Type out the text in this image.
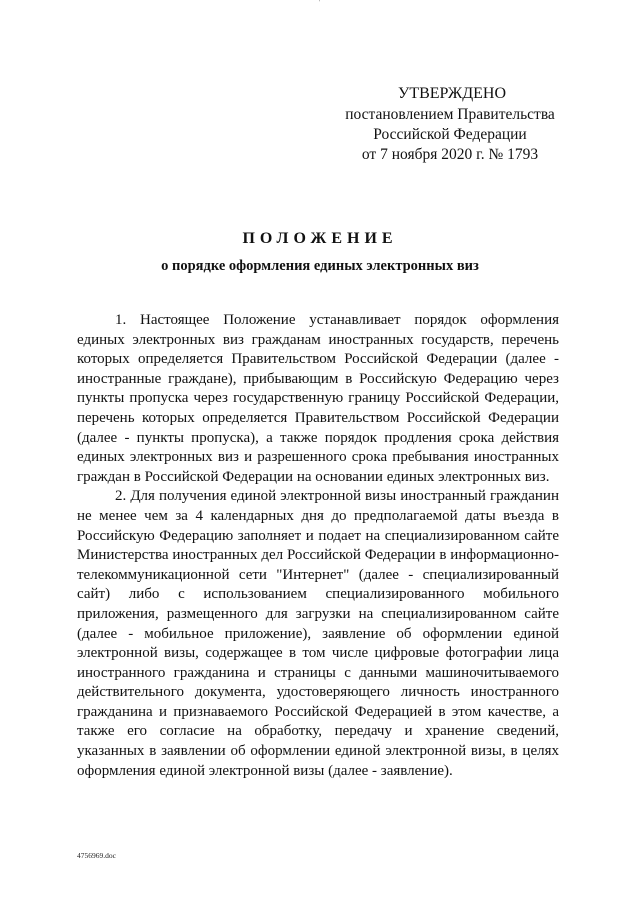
'
УТВЕРЖДЕНО
постановлением Правительства
Российской Федерации
от 7 ноября 2020 г. № 1793
ПОЛОЖЕНИЕ
о порядке оформления единых электронных виз

1. Настоящее Положение устанавливает порядок оформления единых электронных виз гражданам иностранных государств, перечень которых определяется Правительством Российской Федерации (далее - иностранные граждане), прибывающим в Российскую Федерацию через пункты пропуска через государственную границу Российской Федерации, перечень которых определяется Правительством Российской Федерации (далее - пункты пропуска), а также порядок продления срока действия единых электронных виз и разрешенного срока пребывания иностранных граждан в Российской Федерации на основании единых электронных виз.

2. Для получения единой электронной визы иностранный гражданин не менее чем за 4 календарных дня до предполагаемой даты въезда в Российскую Федерацию заполняет и подает на специализированном сайте Министерства иностранных дел Российской Федерации в информационно-телекоммуникационной сети "Интернет" (далее - специализированный сайт) либо с использованием специализированного мобильного приложения, размещенного для загрузки на специализированном сайте (далее - мобильное приложение), заявление об оформлении единой электронной визы, содержащее в том числе цифровые фотографии лица иностранного гражданина и страницы с данными машиночитываемого действительного документа, удостоверяющего личность иностранного гражданина и признаваемого Российской Федерацией в этом качестве, а также его согласие на обработку, передачу и хранение сведений, указанных в заявлении об оформлении единой электронной визы, в целях оформления единой электронной визы (далее - заявление).

4756969.doc
